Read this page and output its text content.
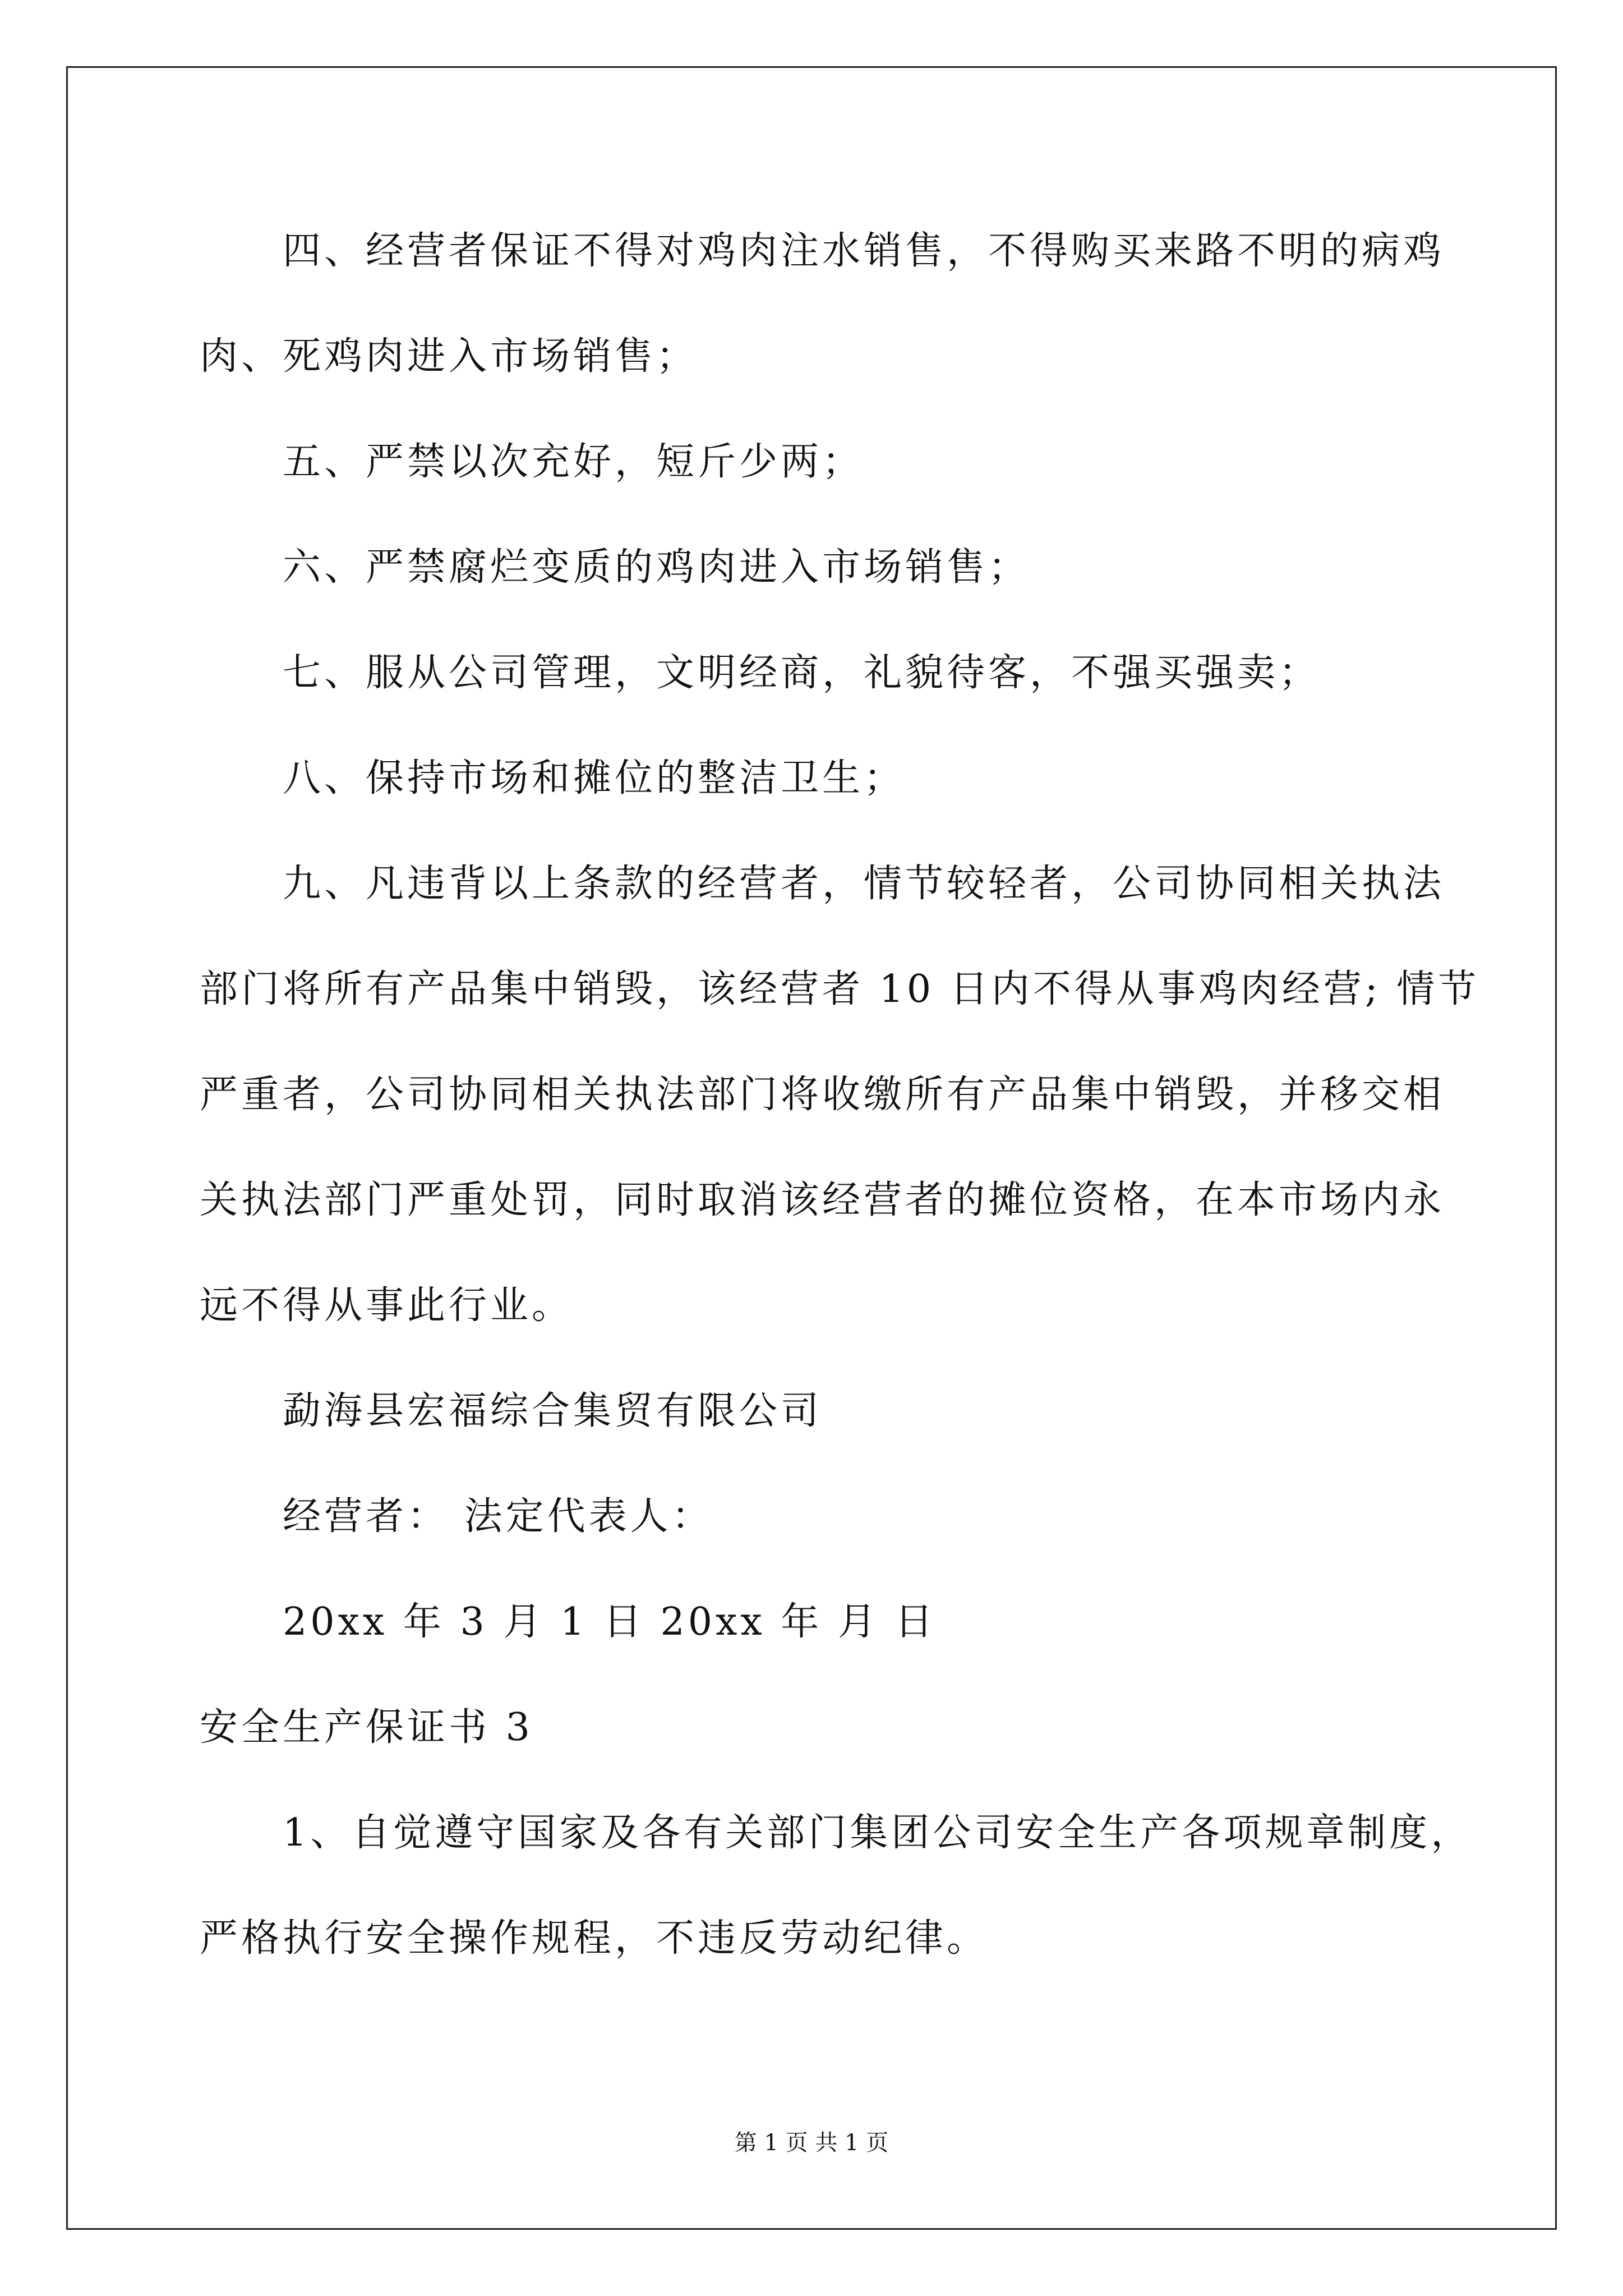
四、经营者保证不得对鸡肉注水销售，不得购买来路不明的病鸡
肉、死鸡肉进入市场销售；
五、严禁以次充好，短斤少两；
六、严禁腐烂变质的鸡肉进入市场销售；
七、服从公司管理，文明经商，礼貌待客，不强买强卖；
八、保持市场和摊位的整洁卫生；
九、凡违背以上条款的经营者，情节较轻者，公司协同相关执法
部门将所有产品集中销毁，该经营者 10 日内不得从事鸡肉经营; 情节
严重者，公司协同相关执法部门将收缴所有产品集中销毁，并移交相
关执法部门严重处罚，同时取消该经营者的摊位资格，在本市场内永
远不得从事此行业。
勐海县宏福综合集贸有限公司
经营者： 法定代表人：
20xx 年 3 月 1 日 20xx 年 月 日
安全生产保证书 3
1、自觉遵守国家及各有关部门集团公司安全生产各项规章制度，
严格执行安全操作规程，不违反劳动纪律。
第 1 页 共 1 页
